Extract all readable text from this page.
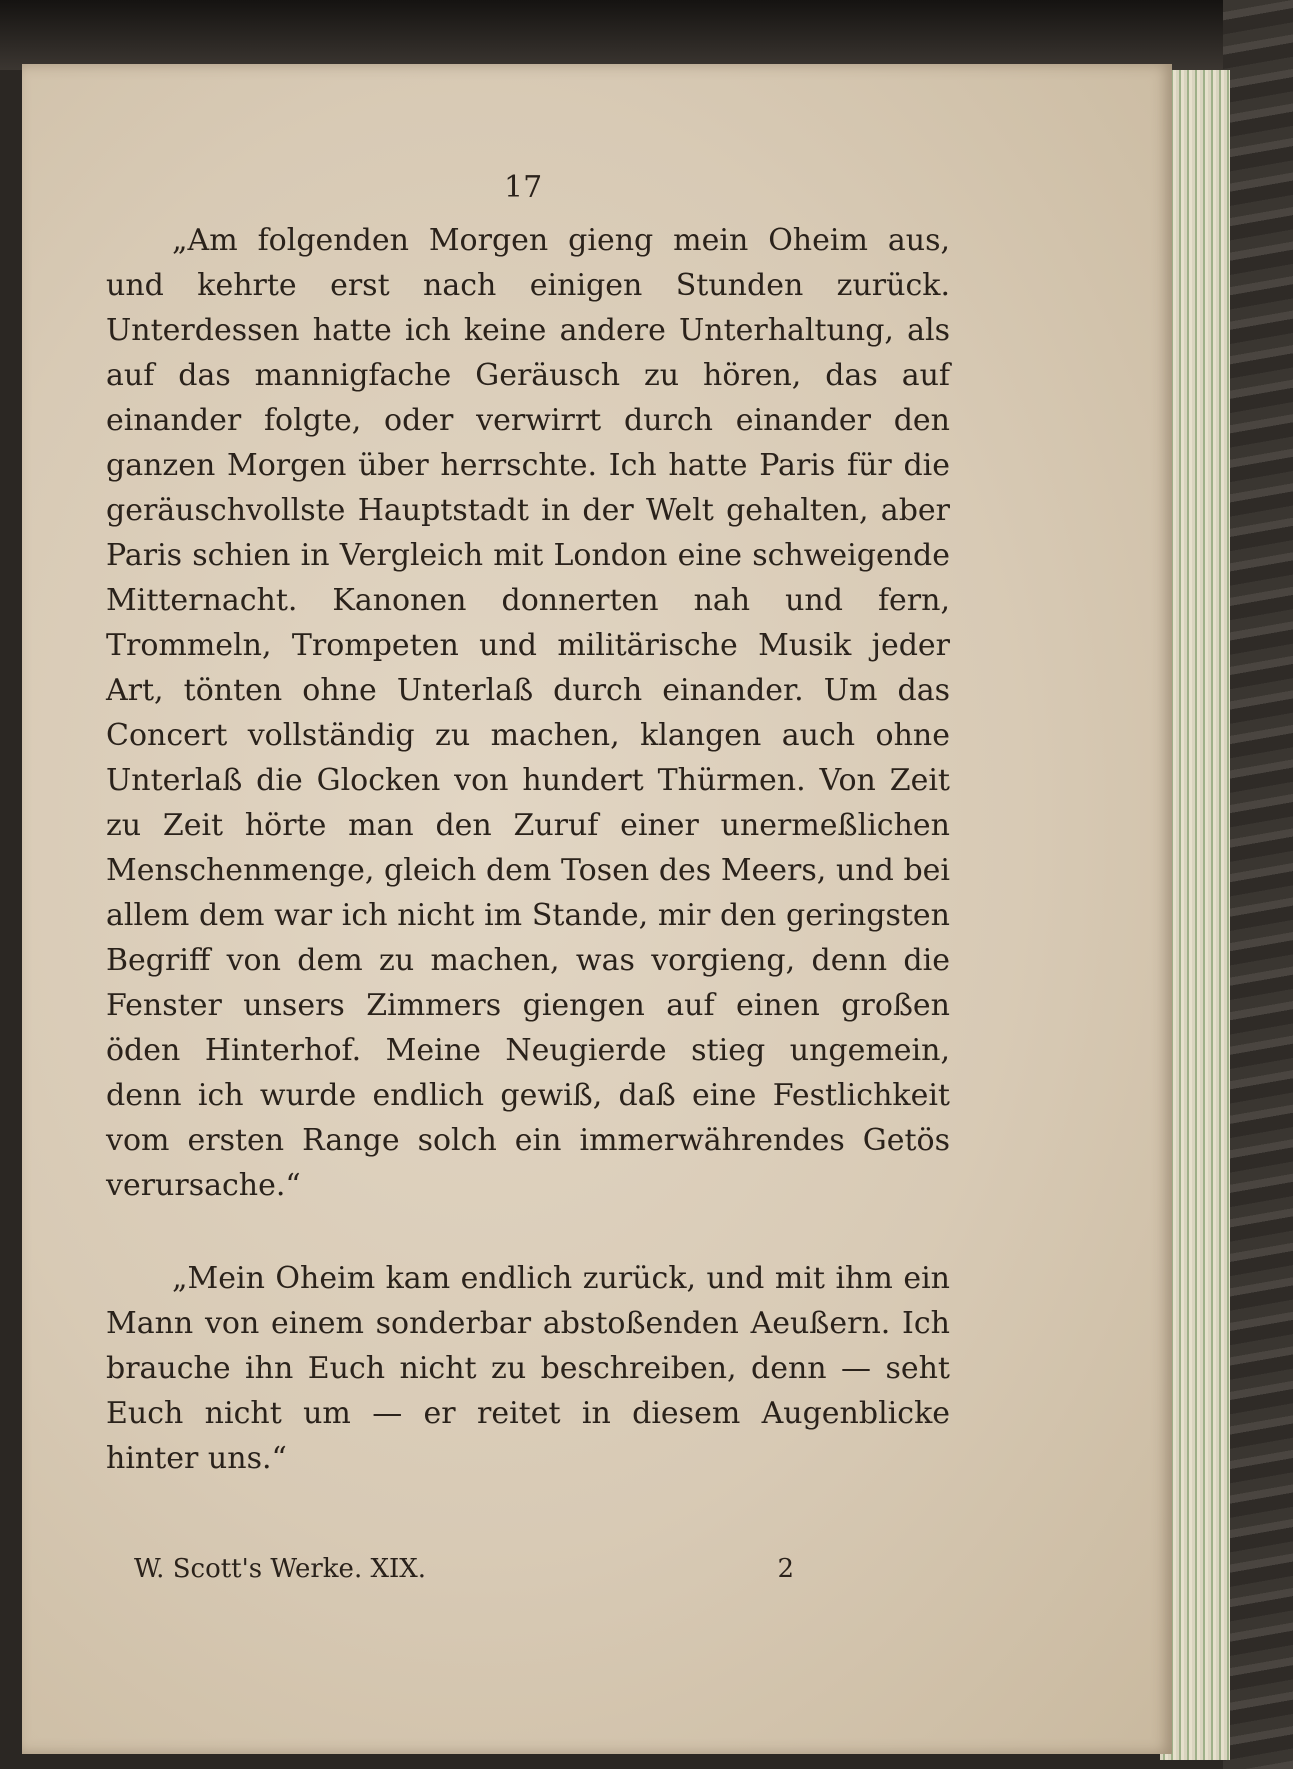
17

„Am folgenden Morgen gieng mein Oheim aus, und kehrte erst nach einigen Stunden zurück. Unterdessen hatte ich keine andere Unterhaltung, als auf das mannigfache Geräusch zu hören, das auf einander folgte, oder verwirrt durch einander den ganzen Morgen über herrschte. Ich hatte Paris für die geräuschvollste Hauptstadt in der Welt gehalten, aber Paris schien in Vergleich mit London eine schweigende Mitternacht. Kanonen donnerten nah und fern, Trommeln, Trompeten und militärische Musik jeder Art, tönten ohne Unterlaß durch einander. Um das Concert vollständig zu machen, klangen auch ohne Unterlaß die Glocken von hundert Thürmen. Von Zeit zu Zeit hörte man den Zuruf einer unermeßlichen Menschenmenge, gleich dem Tosen des Meers, und bei allem dem war ich nicht im Stande, mir den geringsten Begriff von dem zu machen, was vorgieng, denn die Fenster unsers Zimmers giengen auf einen großen öden Hinterhof. Meine Neugierde stieg ungemein, denn ich wurde endlich gewiß, daß eine Festlichkeit vom ersten Range solch ein immerwährendes Getös verursache.“

„Mein Oheim kam endlich zurück, und mit ihm ein Mann von einem sonderbar abstoßenden Aeußern. Ich brauche ihn Euch nicht zu beschreiben, denn — seht Euch nicht um — er reitet in diesem Augenblicke hinter uns.“

W. Scott's Werke. XIX.	2
